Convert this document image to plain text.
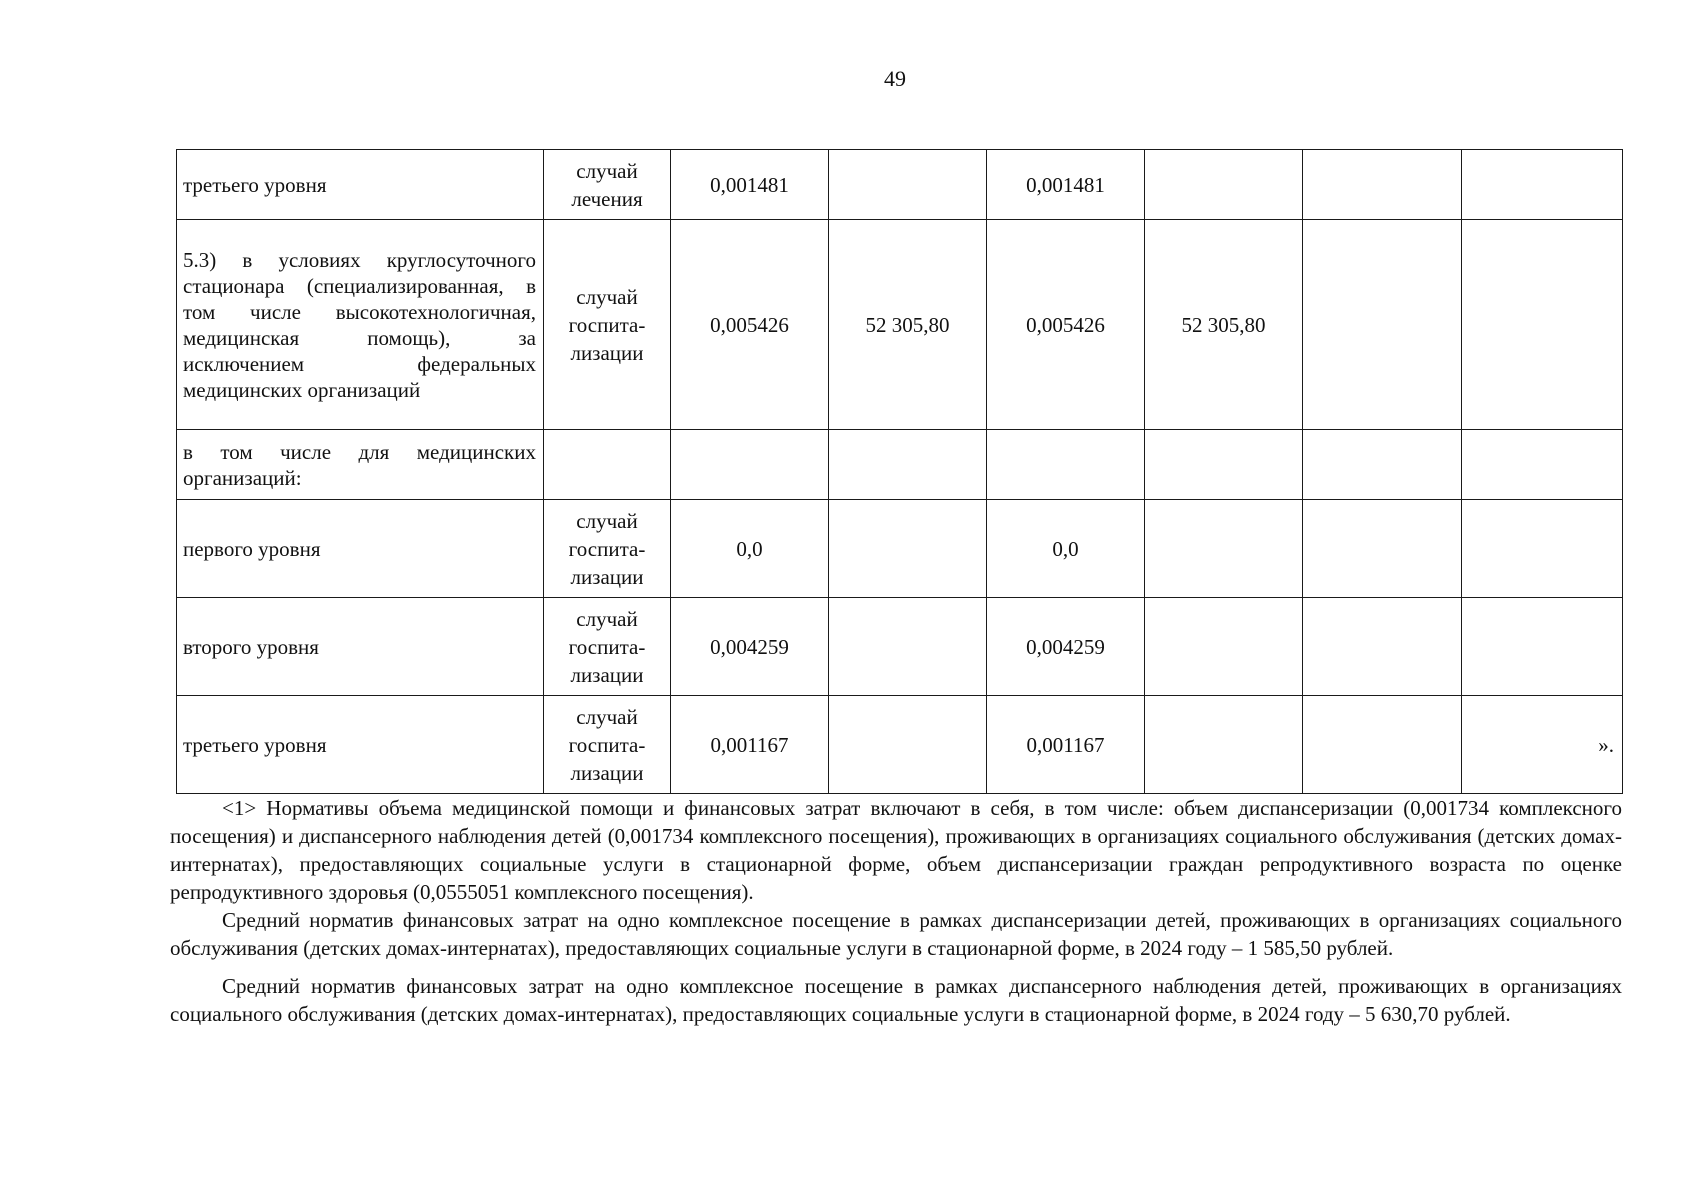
49
третьего уровня	случай лечения	0,001481		0,001481			
5.3) в условиях круглосуточного стационара (специализированная, в том числе высокотехнологичная, медицинская помощь), за исключением федеральных медицинских организаций	случай госпита-лизации	0,005426	52 305,80	0,005426	52 305,80		
в том числе для медицинских организаций:							
первого уровня	случай госпита-лизации	0,0		0,0			
второго уровня	случай госпита-лизации	0,004259		0,004259			
третьего уровня	случай госпита-лизации	0,001167		0,001167			».

<1> Нормативы объема медицинской помощи и финансовых затрат включают в себя, в том числе: объем диспансеризации (0,001734 комплексного посещения) и диспансерного наблюдения детей (0,001734 комплексного посещения), проживающих в организациях социального обслуживания (детских домах-интернатах), предоставляющих социальные услуги в стационарной форме, объем диспансеризации граждан репродуктивного возраста по оценке репродуктивного здоровья (0,0555051 комплексного посещения).

Средний норматив финансовых затрат на одно комплексное посещение в рамках диспансеризации детей, проживающих в организациях социального обслуживания (детских домах-интернатах), предоставляющих социальные услуги в стационарной форме, в 2024 году – 1 585,50 рублей.

Средний норматив финансовых затрат на одно комплексное посещение в рамках диспансерного наблюдения детей, проживающих в организациях социального обслуживания (детских домах-интернатах), предоставляющих социальные услуги в стационарной форме, в 2024 году – 5 630,70 рублей.
